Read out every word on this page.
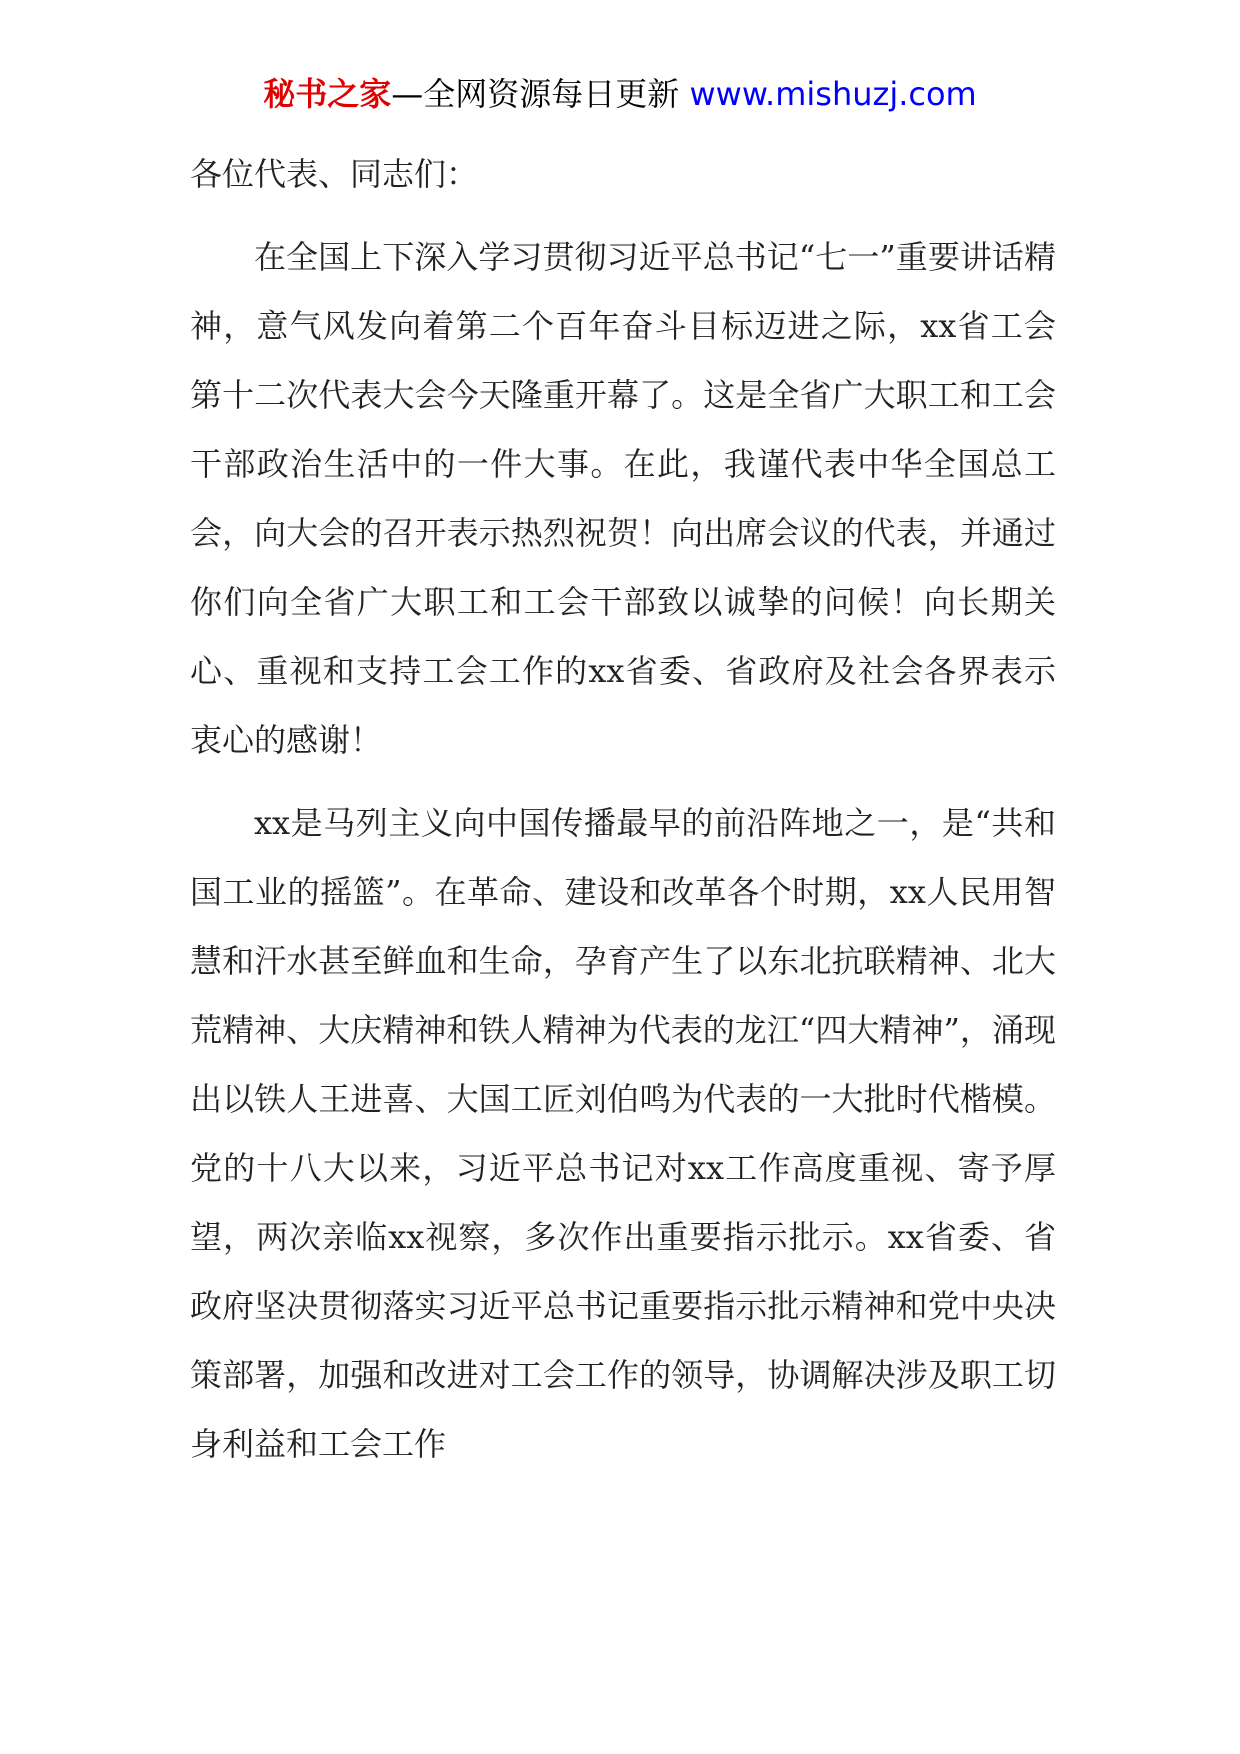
秘书之家—全网资源每日更新 www.mishuzj.com

各位代表、同志们：

在全国上下深入学习贯彻习近平总书记“七一”重要讲话精神，意气风发向着第二个百年奋斗目标迈进之际，xx省工会第十二次代表大会今天隆重开幕了。这是全省广大职工和工会干部政治生活中的一件大事。在此，我谨代表中华全国总工会，向大会的召开表示热烈祝贺！向出席会议的代表，并通过你们向全省广大职工和工会干部致以诚挚的问候！向长期关心、重视和支持工会工作的xx省委、省政府及社会各界表示衷心的感谢！

xx是马列主义向中国传播最早的前沿阵地之一，是“共和国工业的摇篮”。在革命、建设和改革各个时期，xx人民用智慧和汗水甚至鲜血和生命，孕育产生了以东北抗联精神、北大荒精神、大庆精神和铁人精神为代表的龙江“四大精神”，涌现出以铁人王进喜、大国工匠刘伯鸣为代表的一大批时代楷模。党的十八大以来，习近平总书记对xx工作高度重视、寄予厚望，两次亲临xx视察，多次作出重要指示批示。xx省委、省政府坚决贯彻落实习近平总书记重要指示批示精神和党中央决策部署，加强和改进对工会工作的领导，协调解决涉及职工切身利益和工会工作
